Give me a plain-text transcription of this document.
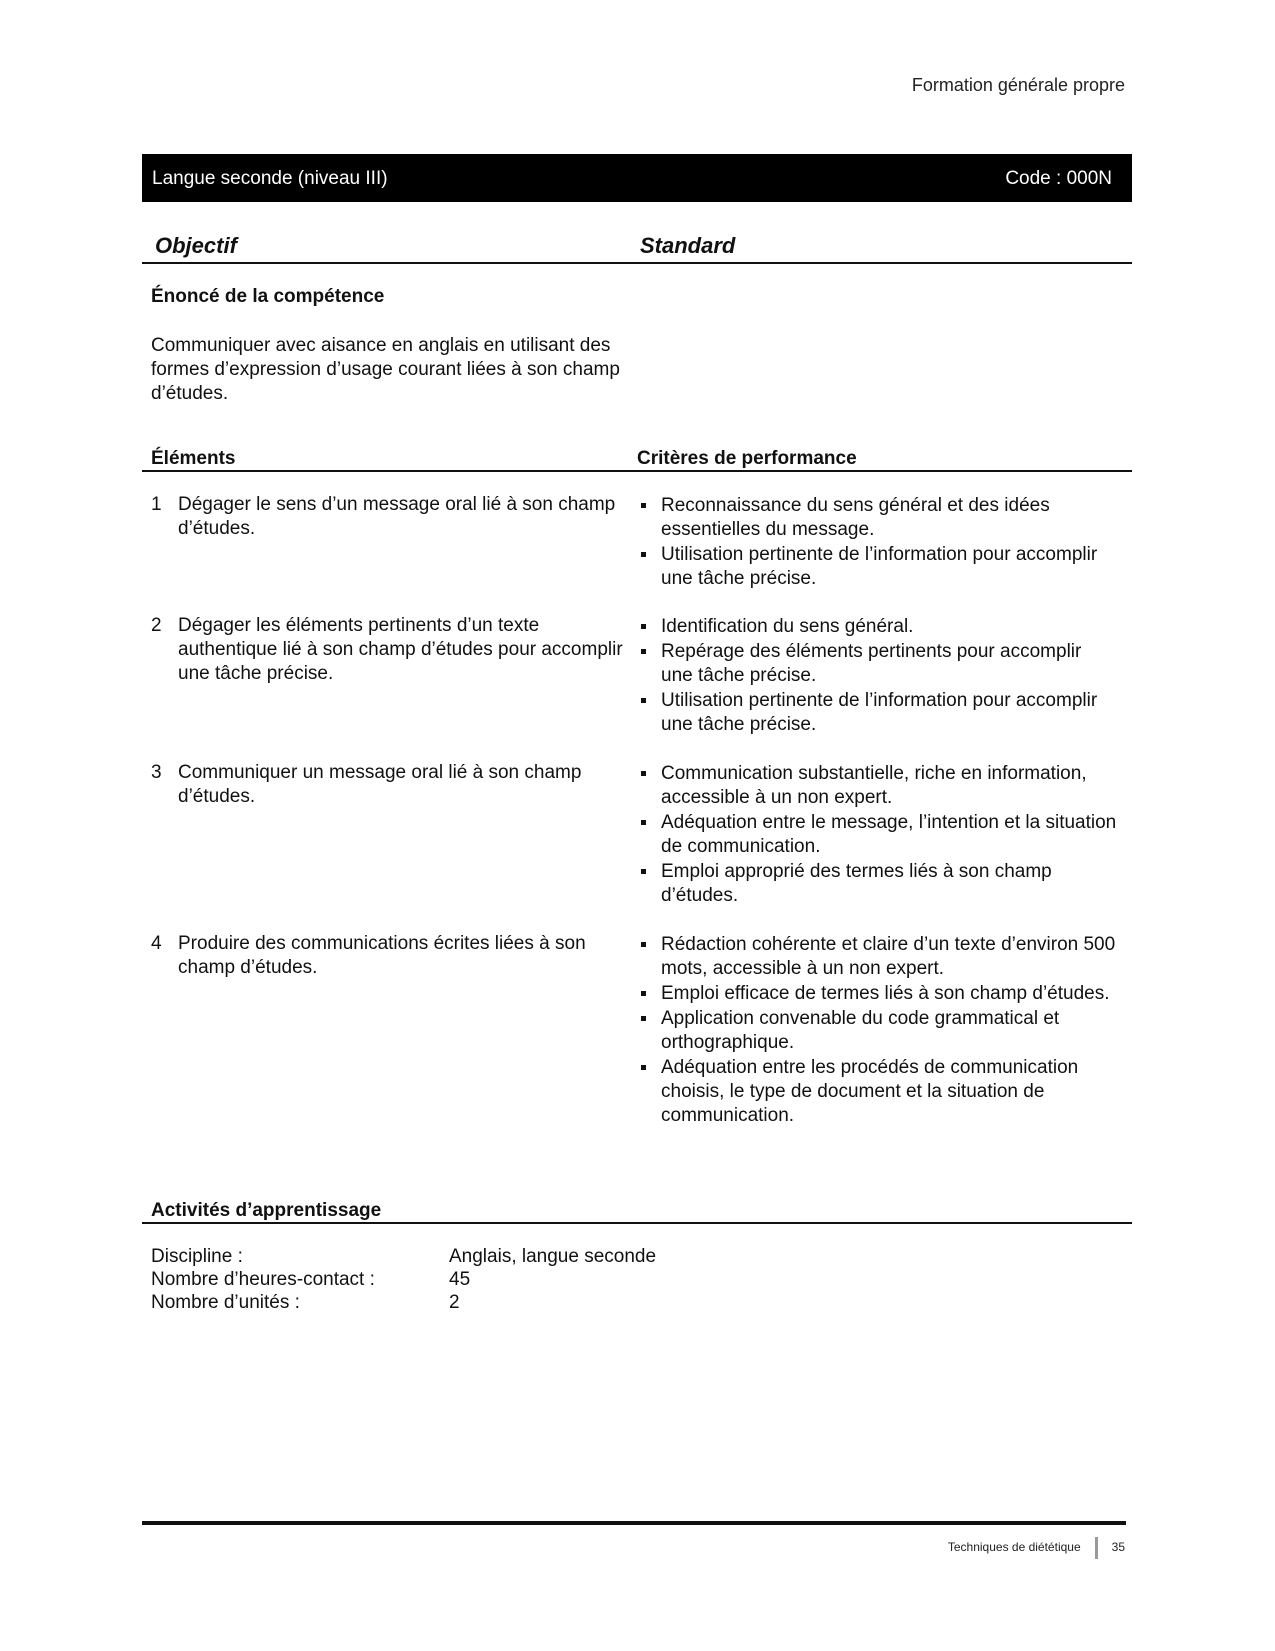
Formation générale propre
Langue seconde (niveau III)	Code : 000N
Objectif	Standard
Énoncé de la compétence
Communiquer avec aisance en anglais en utilisant des formes d’expression d’usage courant liées à son champ d’études.
Éléments	Critères de performance
1 Dégager le sens d’un message oral lié à son champ d’études.
Reconnaissance du sens général et des idées essentielles du message.
Utilisation pertinente de l’information pour accomplir une tâche précise.
2 Dégager les éléments pertinents d’un texte authentique lié à son champ d’études pour accomplir une tâche précise.
Identification du sens général.
Repérage des éléments pertinents pour accomplir une tâche précise.
Utilisation pertinente de l’information pour accomplir une tâche précise.
3 Communiquer un message oral lié à son champ d’études.
Communication substantielle, riche en information, accessible à un non expert.
Adéquation entre le message, l’intention et la situation de communication.
Emploi approprié des termes liés à son champ d’études.
4 Produire des communications écrites liées à son champ d’études.
Rédaction cohérente et claire d’un texte d’environ 500 mots, accessible à un non expert.
Emploi efficace de termes liés à son champ d’études.
Application convenable du code grammatical et orthographique.
Adéquation entre les procédés de communication choisis, le type de document et la situation de communication.
Activités d’apprentissage
Discipline :	Anglais, langue seconde
Nombre d’heures-contact :	45
Nombre d’unités :	2
Techniques de diététique	35
